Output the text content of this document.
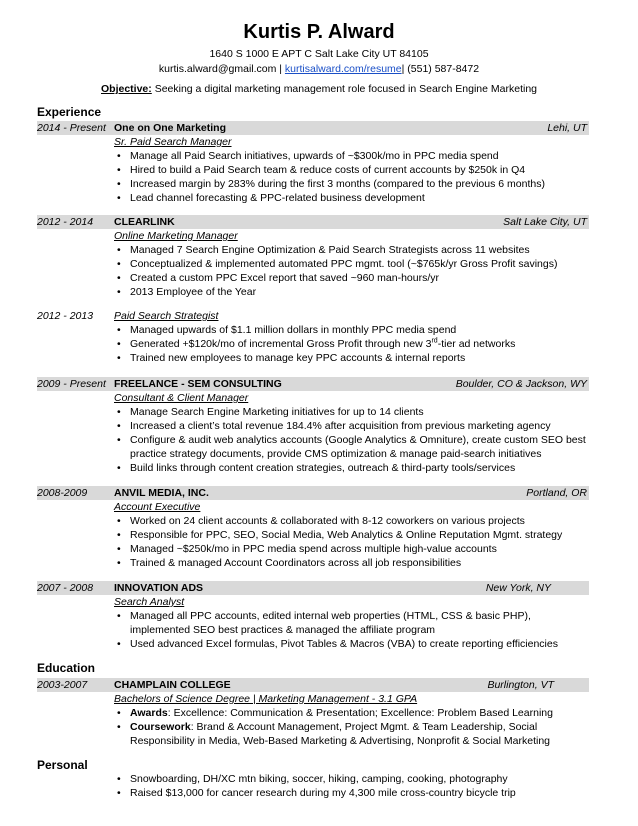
Kurtis P. Alward
1640 S 1000 E APT C Salt Lake City UT 84105
kurtis.alward@gmail.com | kurtisalward.com/resume| (551) 587-8472
Objective: Seeking a digital marketing management role focused in Search Engine Marketing
Experience
2014 - Present One on One Marketing	Lehi, UT
Sr. Paid Search Manager
• Manage all Paid Search initiatives, upwards of ~$300k/mo in PPC media spend
• Hired to build a Paid Search team & reduce costs of current accounts by $250k in Q4
• Increased margin by 283% during the first 3 months (compared to the previous 6 months)
• Lead channel forecasting & PPC-related business development
2012 - 2014 CLEARLINK	Salt Lake City, UT
Online Marketing Manager
• Managed 7 Search Engine Optimization & Paid Search Strategists across 11 websites
• Conceptualized & implemented automated PPC mgmt. tool (~$765k/yr Gross Profit savings)
• Created a custom PPC Excel report that saved ~960 man-hours/yr
• 2013 Employee of the Year
2012 - 2013 Paid Search Strategist
• Managed upwards of $1.1 million dollars in monthly PPC media spend
• Generated +$120k/mo of incremental Gross Profit through new 3rd-tier ad networks
• Trained new employees to manage key PPC accounts & internal reports
2009 - Present FREELANCE - SEM CONSULTING	Boulder, CO & Jackson, WY
Consultant & Client Manager
• Manage Search Engine Marketing initiatives for up to 14 clients
• Increased a client’s total revenue 184.4% after acquisition from previous marketing agency
• Configure & audit web analytics accounts (Google Analytics & Omniture), create custom SEO best practice strategy documents, provide CMS optimization & manage paid-search initiatives
• Build links through content creation strategies, outreach & third-party tools/services
2008-2009	ANVIL MEDIA, INC.	Portland, OR
Account Executive
• Worked on 24 client accounts & collaborated with 8-12 coworkers on various projects
• Responsible for PPC, SEO, Social Media, Web Analytics & Online Reputation Mgmt. strategy
• Managed ~$250k/mo in PPC media spend across multiple high-value accounts
• Trained & managed Account Coordinators across all job responsibilities
2007 - 2008 INNOVATION ADS	New York, NY
Search Analyst
• Managed all PPC accounts, edited internal web properties (HTML, CSS & basic PHP), implemented SEO best practices & managed the affiliate program
• Used advanced Excel formulas, Pivot Tables & Macros (VBA) to create reporting efficiencies
Education
2003-2007	CHAMPLAIN COLLEGE	Burlington, VT
Bachelors of Science Degree | Marketing Management - 3.1 GPA
• Awards: Excellence: Communication & Presentation; Excellence: Problem Based Learning
• Coursework: Brand & Account Management, Project Mgmt. & Team Leadership, Social Responsibility in Media, Web-Based Marketing & Advertising, Nonprofit & Social Marketing
Personal
• Snowboarding, DH/XC mtn biking, soccer, hiking, camping, cooking, photography
• Raised $13,000 for cancer research during my 4,300 mile cross-country bicycle trip
